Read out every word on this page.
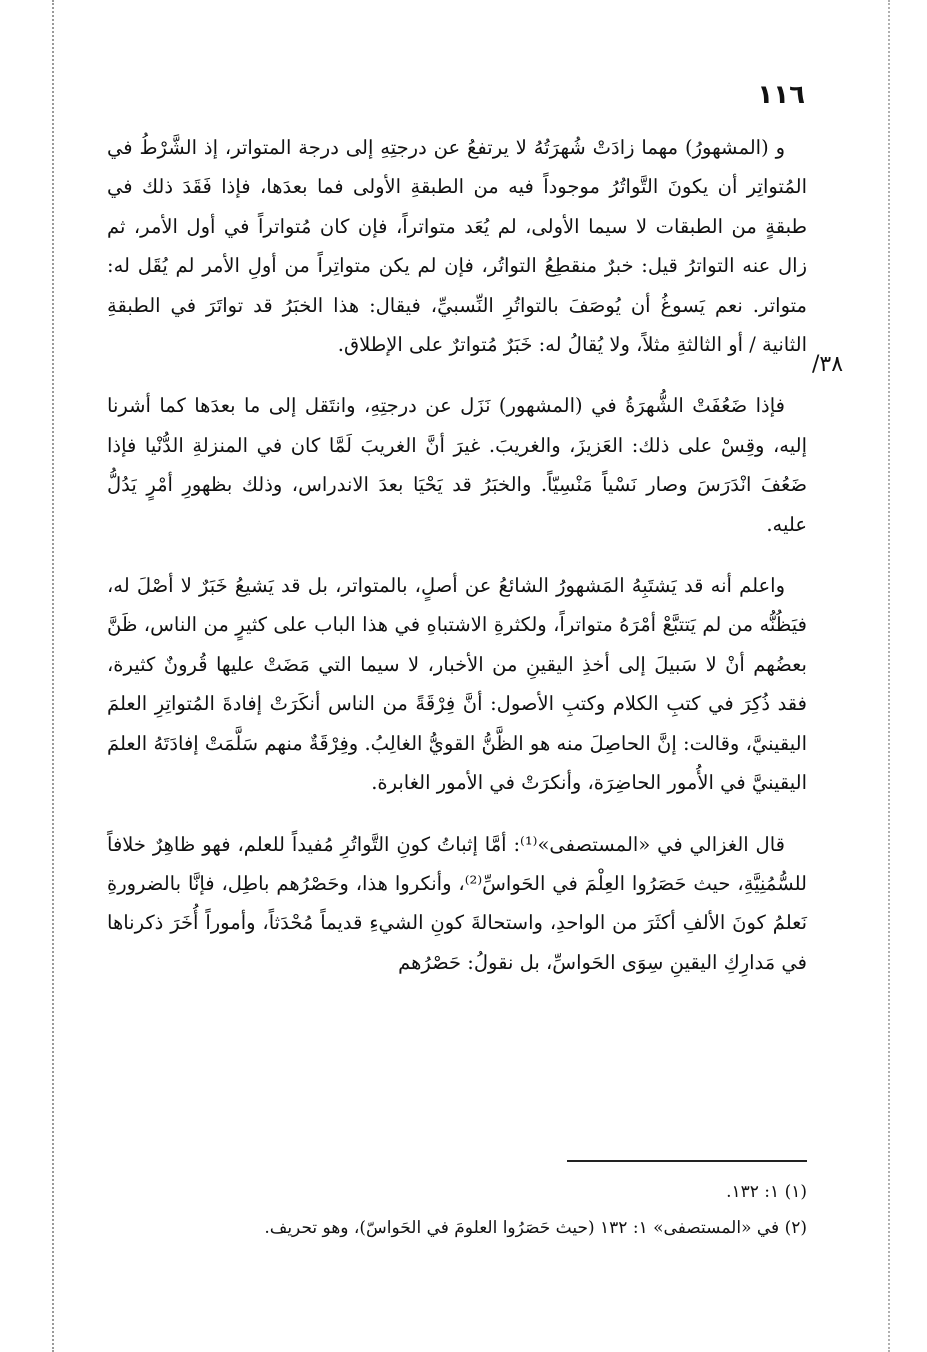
١١٦
/٣٨

و (المشهورُ) مهما زادَتْ شُهرَتُهُ لا يرتفعُ عن درجتِهِ إلى درجة المتواتر، إذ الشَّرْطُ في المُتواتِر أن يكونَ التَّواتُرُ موجوداً فيه من الطبقةِ الأولى فما بعدَها، فإذا فَقَدَ ذلك في طبقةٍ من الطبقات لا سيما الأولى، لم يُعَد متواتراً، فإن كان مُتواتراً في أول الأمر، ثم زال عنه التواترُ قيل: خبرٌ منقطِعُ التواتُر، فإن لم يكن متواتِراً من أولِ الأمر لم يُقَل له: متواتر. نعم يَسوغُ أن يُوصَفَ بالتواتُرِ النِّسبيِّ، فيقال: هذا الخبَرُ قد تواتَرَ في الطبقةِ الثانية / أو الثالثةِ مثلاً، ولا يُقالُ له: خَبَرٌ مُتواترٌ على الإطلاق.

فإذا ضَعُفَتْ الشُّهرَةُ في (المشهور) نَزَل عن درجتِهِ، وانتَقل إلى ما بعدَها كما أشرنا إليه، وقِسْ على ذلك: العَزيزَ، والغريبَ. غيرَ أنَّ الغريبَ لَمَّا كان في المنزلةِ الدُّنْيا فإذا ضَعُفَ انْدَرَسَ وصار نَسْياً مَنْسِيّاً. والخبَرُ قد يَحْيَا بعدَ الاندراس، وذلك بظهورِ أمْرٍ يَدُلُّ عليه.

واعلم أنه قد يَشتَبِهُ المَشهورُ الشائعُ عن أصلٍ، بالمتواتر، بل قد يَشيعُ خَبَرٌ لا أصْلَ له، فيَظُنُّه من لم يَتتبَّعْ أمْرَهُ متواتراً، ولكثرةِ الاشتباهِ في هذا الباب على كثيرٍ من الناس، ظَنَّ بعضُهم أنْ لا سَبيلَ إلى أخذِ اليقينِ من الأخبار، لا سيما التي مَضَتْ عليها قُرونٌ كثيرة، فقد ذُكِرَ في كتبِ الكلام وكتبِ الأصول: أنَّ فِرْقَةً من الناس أنكَرَتْ إفادةَ المُتواتِرِ العلمَ اليقينيَّ، وقالت: إنَّ الحاصِلَ منه هو الظَّنُّ القويُّ الغالِبُ. وفِرْقَةٌ منهم سَلَّمَتْ إفادَتَهُ العلمَ اليقينيَّ في الأُمور الحاضِرَة، وأنكرَتْ في الأمور الغابرة.

قال الغزالي في «المستصفى»⁽¹⁾: أمَّا إثباتُ كونِ التَّواتُرِ مُفيداً للعلم، فهو ظاهِرٌ خلافاً للسُّمُنِيَّةِ، حيث حَصَرُوا العِلْمَ في الحَواسِّ⁽²⁾، وأنكروا هذا، وحَصْرُهم باطِل، فإنَّا بالضرورةِ نَعلمُ كونَ الألفِ أكثَرَ من الواحدِ، واستحالةَ كونِ الشيءِ قديماً مُحْدَثاً، وأموراً أُخَرَ ذكرناها في مَدارِكِ اليقينِ سِوَى الحَواسِّ، بل نقولُ: حَصْرُهم

(١) ١: ١٣٢.
(٢) في «المستصفى» ١: ١٣٢ (حيث حَصَرُوا العلومَ في الحَواسّ)، وهو تحريف.
